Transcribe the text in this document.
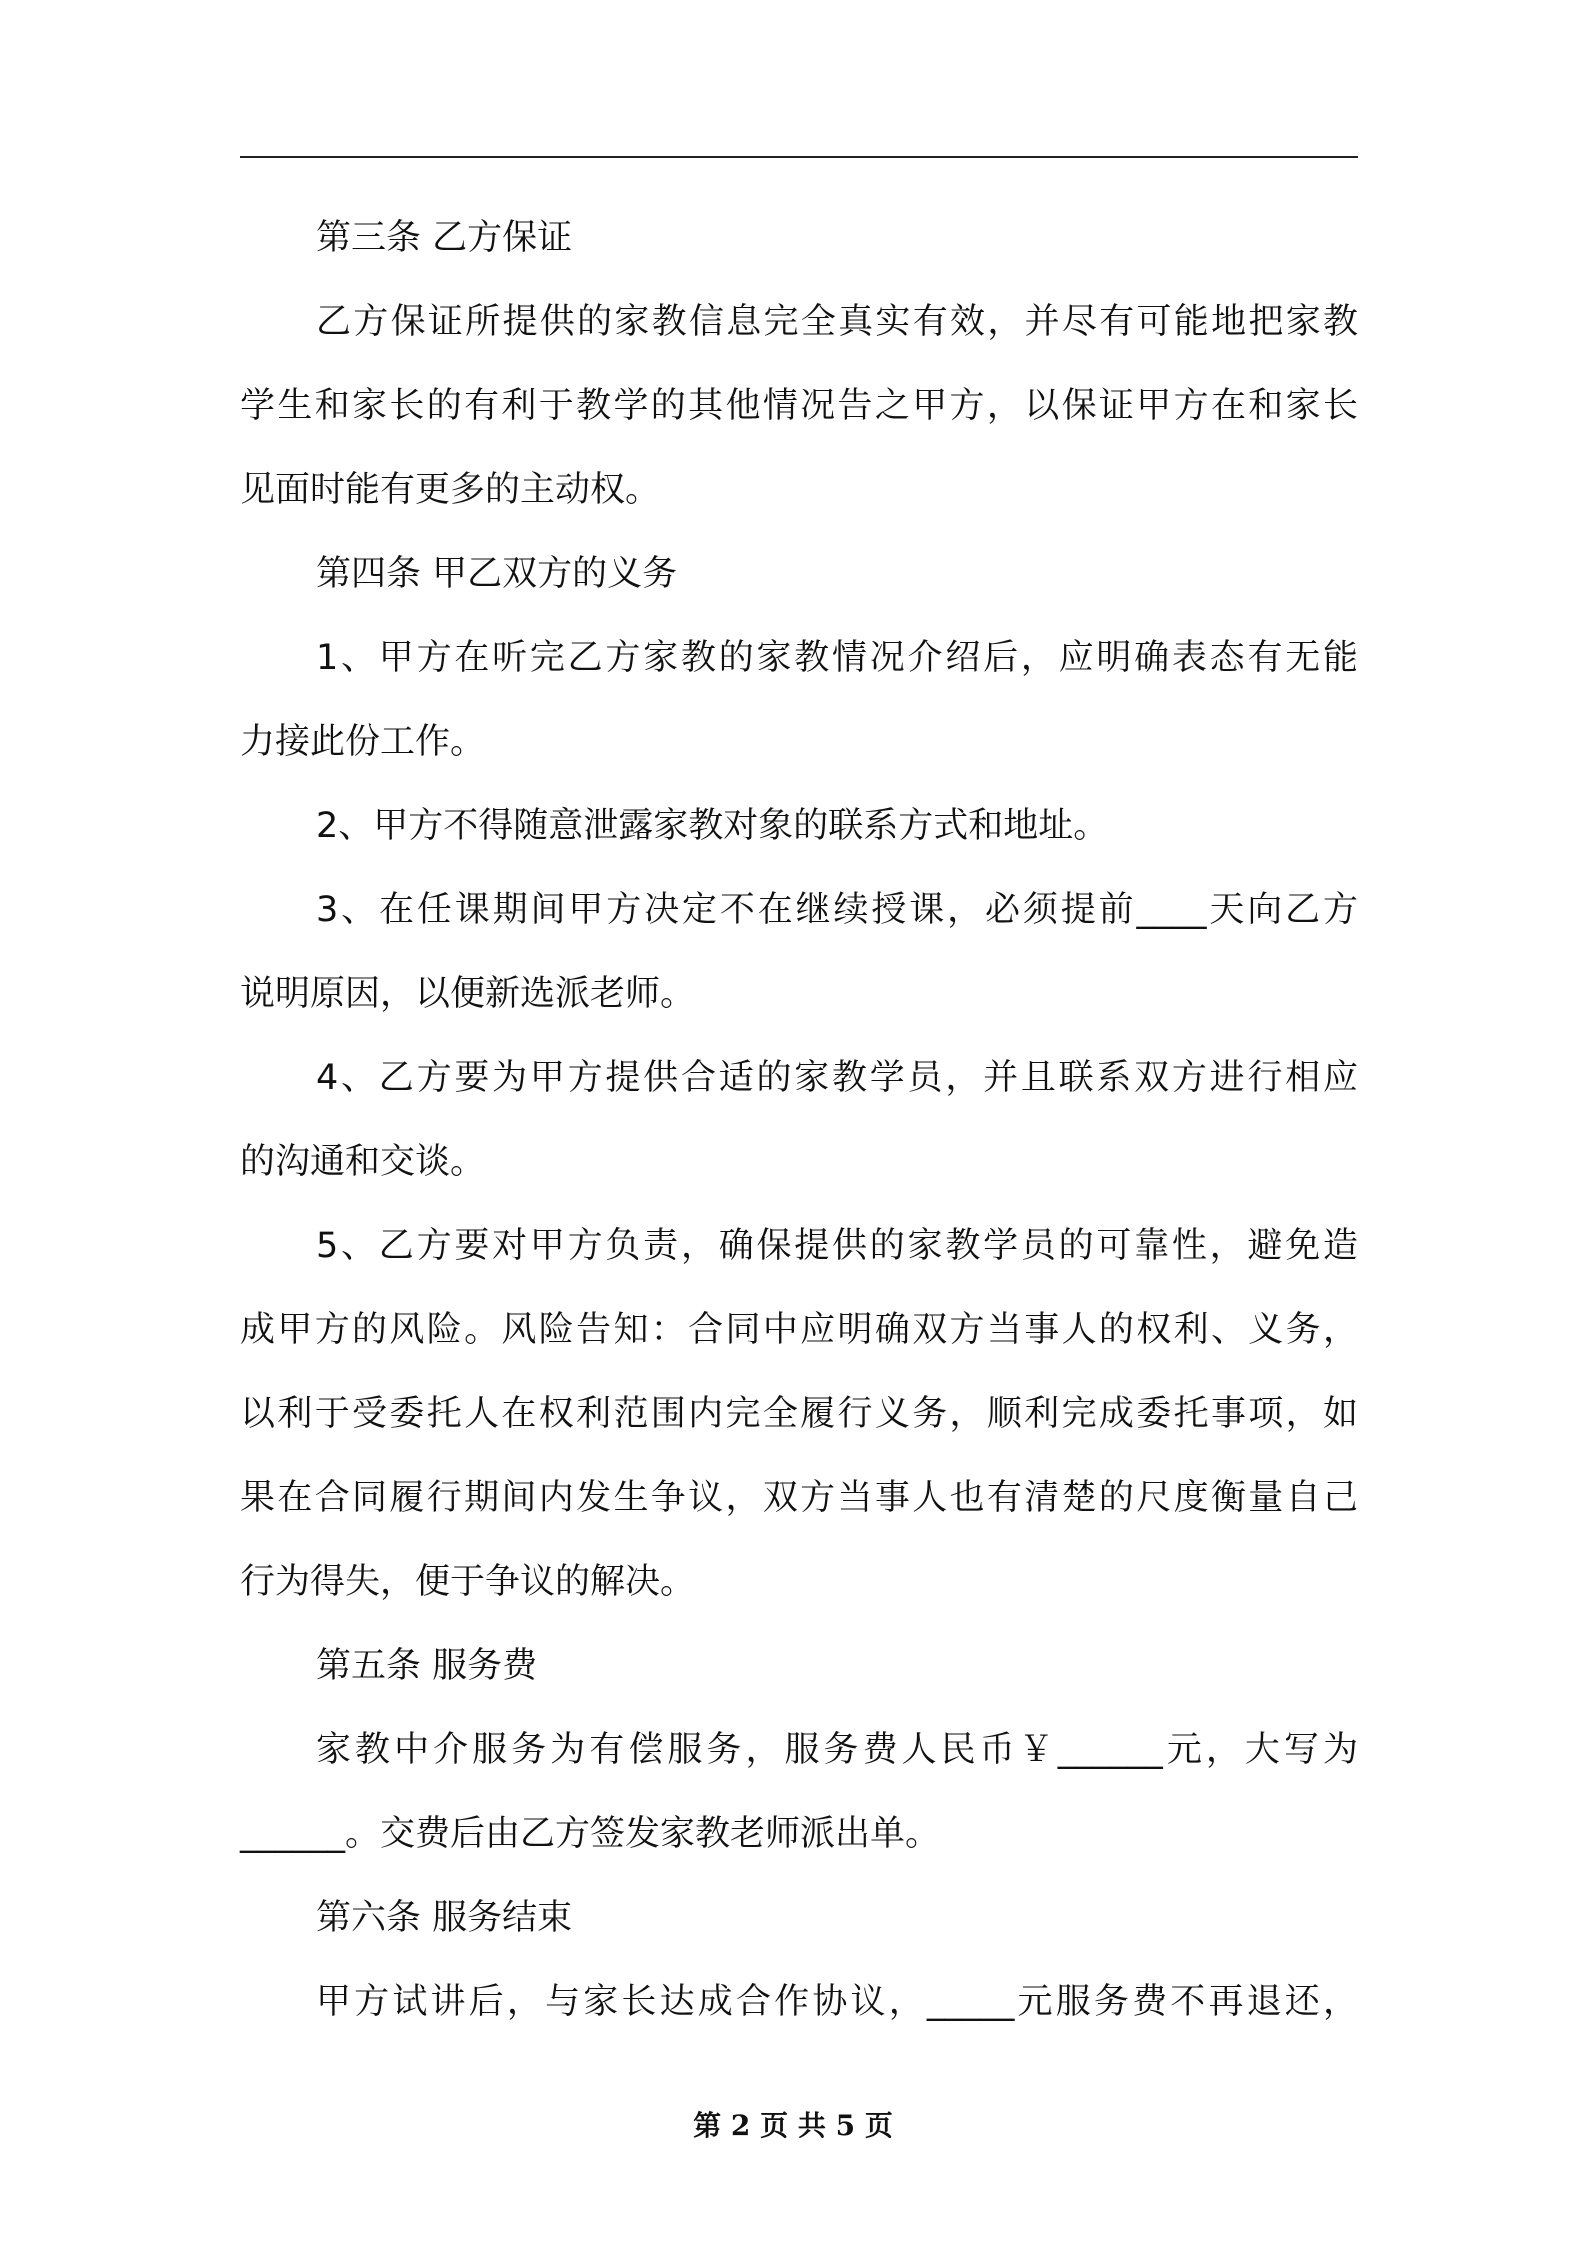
第三条 乙方保证
乙方保证所提供的家教信息完全真实有效，并尽有可能地把家教
学生和家长的有利于教学的其他情况告之甲方，以保证甲方在和家长
见面时能有更多的主动权。
第四条 甲乙双方的义务
1、甲方在听完乙方家教的家教情况介绍后，应明确表态有无能
力接此份工作。
2、甲方不得随意泄露家教对象的联系方式和地址。
3、在任课期间甲方决定不在继续授课，必须提前____天向乙方
说明原因，以便新选派老师。
4、乙方要为甲方提供合适的家教学员，并且联系双方进行相应
的沟通和交谈。
5、乙方要对甲方负责，确保提供的家教学员的可靠性，避免造
成甲方的风险。风险告知：合同中应明确双方当事人的权利、义务，
以利于受委托人在权利范围内完全履行义务，顺利完成委托事项，如
果在合同履行期间内发生争议，双方当事人也有清楚的尺度衡量自己
行为得失，便于争议的解决。
第五条 服务费
家教中介服务为有偿服务，服务费人民币￥______元，大写为
______。交费后由乙方签发家教老师派出单。
第六条 服务结束
甲方试讲后，与家长达成合作协议，_____元服务费不再退还，
第 2 页 共 5 页
